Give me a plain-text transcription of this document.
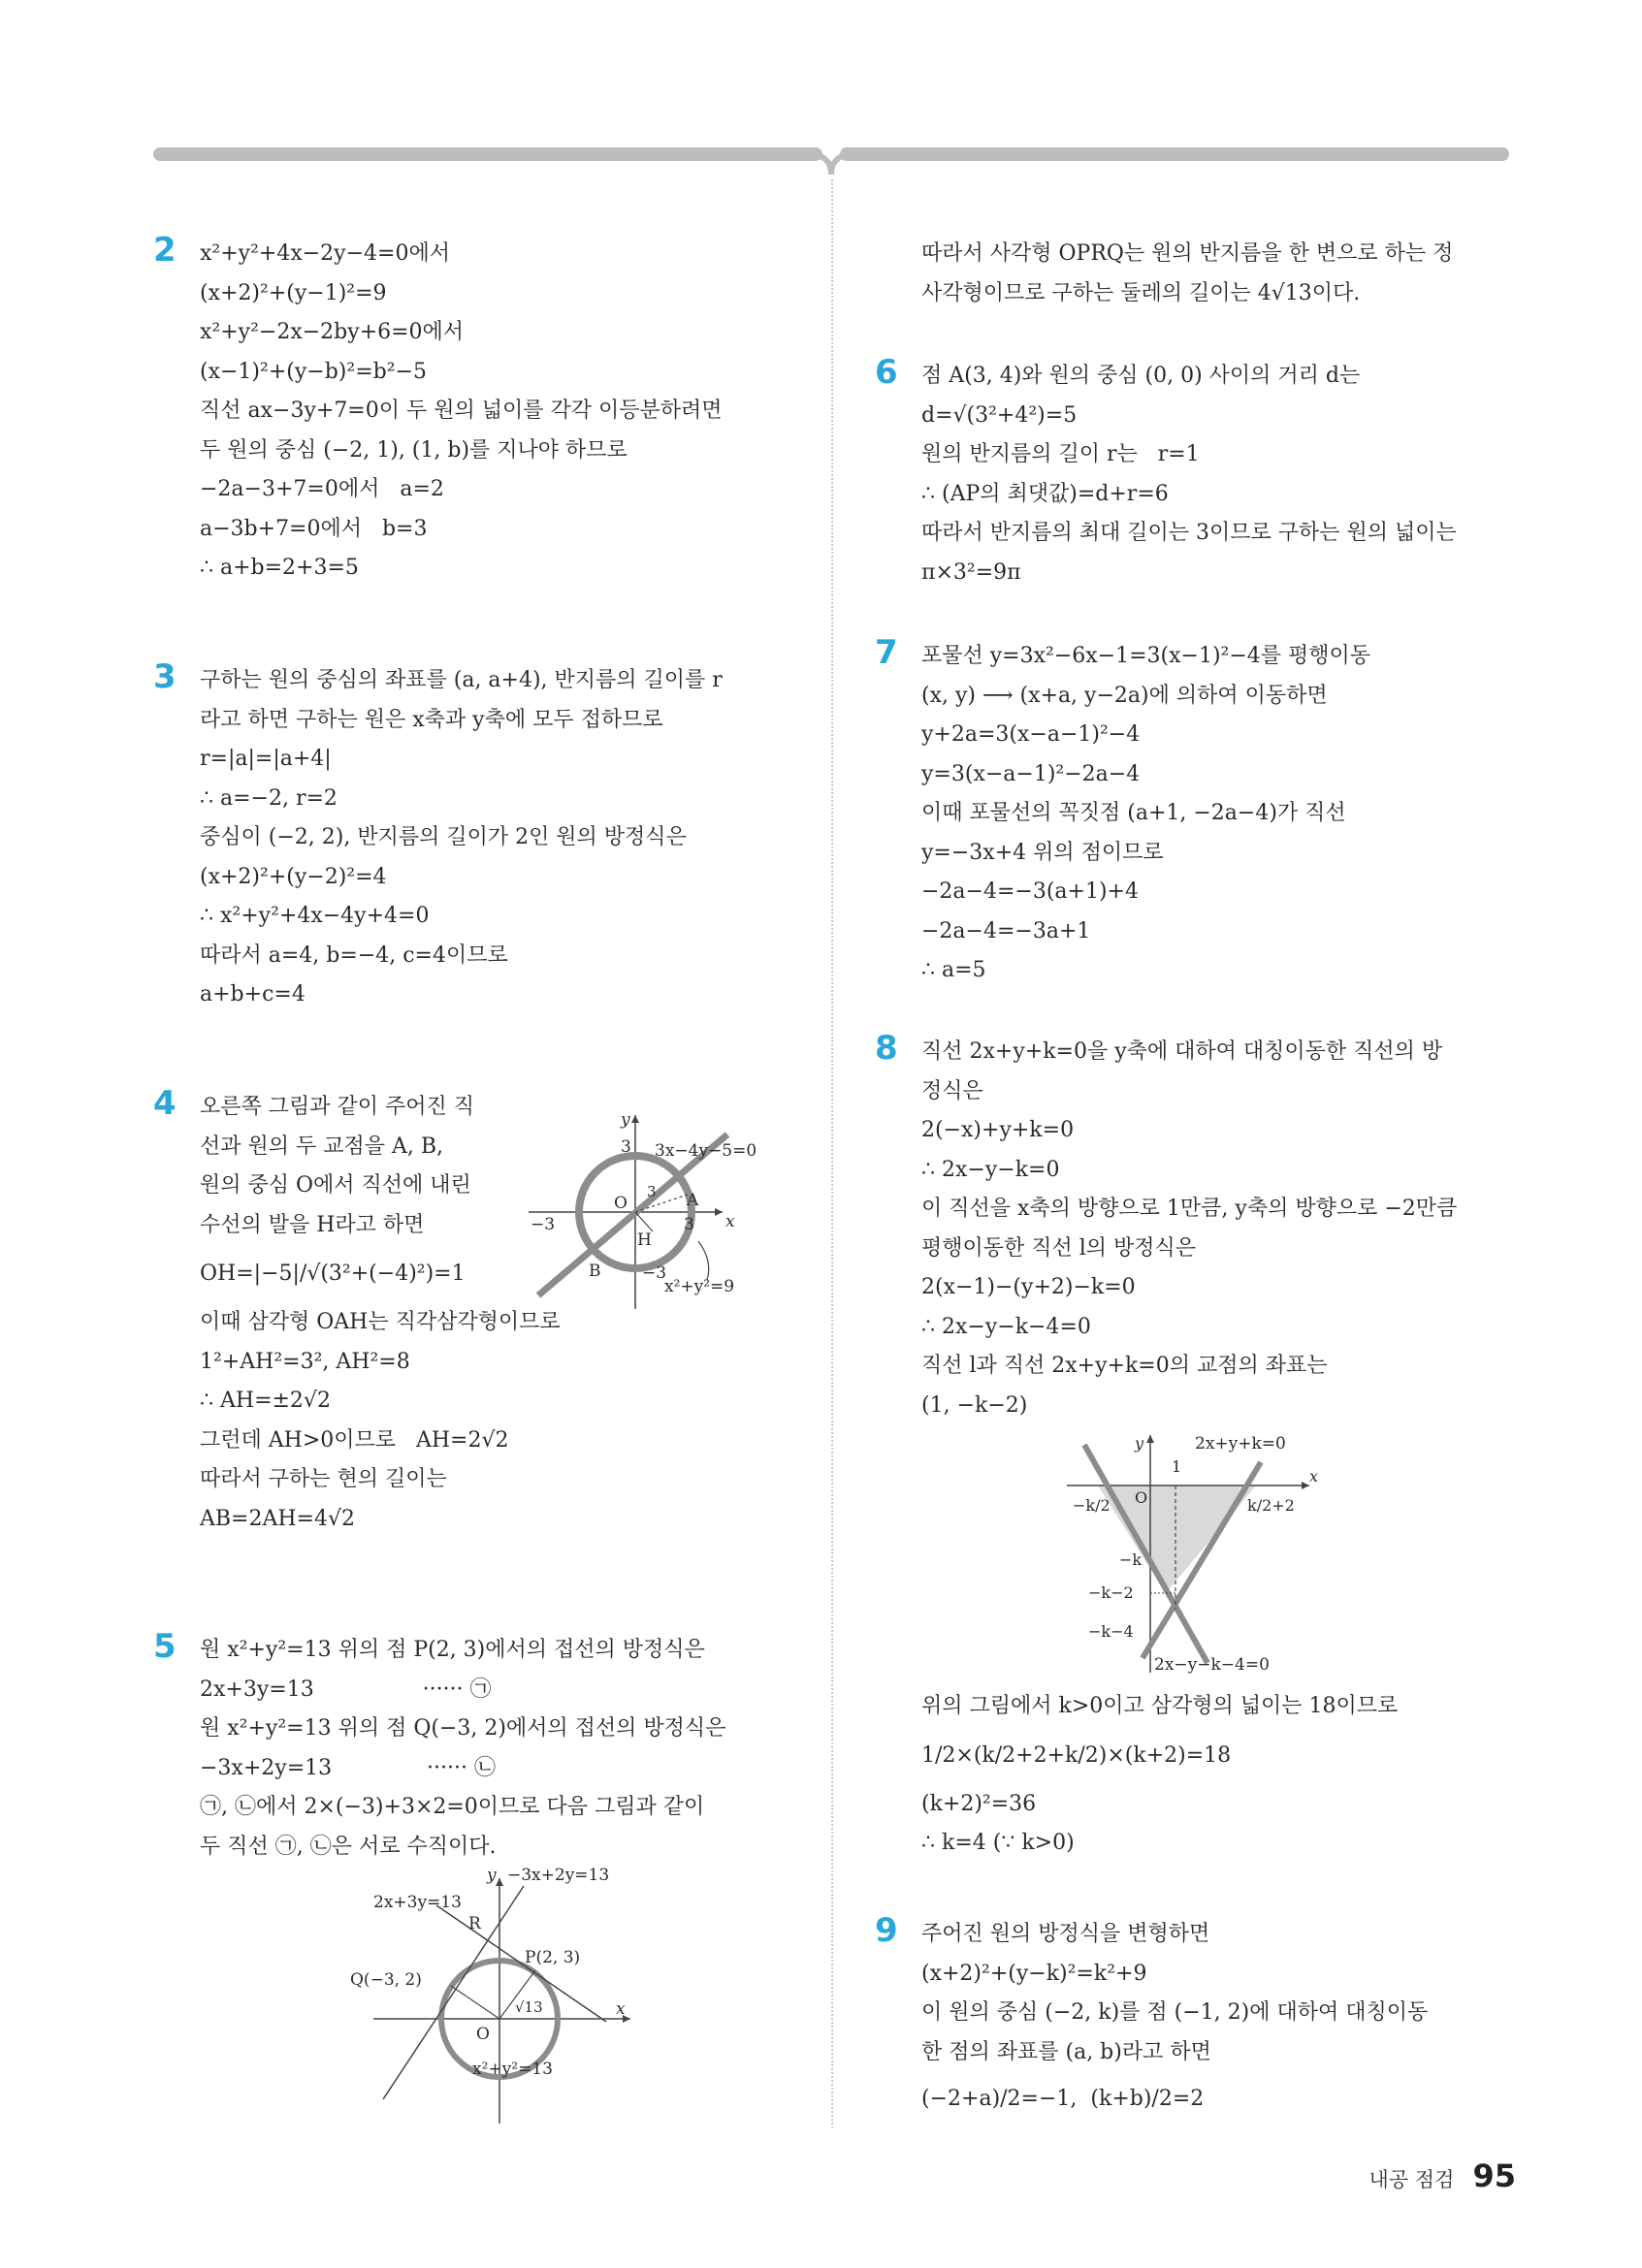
2 x²+y²+4x−2y−4=0에서
(x+2)²+(y−1)²=9
x²+y²−2x−2by+6=0에서
(x−1)²+(y−b)²=b²−5
직선 ax−3y+7=0이 두 원의 넓이를 각각 이등분하려면
두 원의 중심 (−2, 1), (1, b)를 지나야 하므로
−2a−3+7=0에서   a=2
a−3b+7=0에서   b=3
∴ a+b=2+3=5
3 구하는 원의 중심의 좌표를 (a, a+4), 반지름의 길이를 r
라고 하면 구하는 원은 x축과 y축에 모두 접하므로
r=|a|=|a+4|
∴ a=−2, r=2
중심이 (−2, 2), 반지름의 길이가 2인 원의 방정식은
(x+2)²+(y−2)²=4
∴ x²+y²+4x−4y+4=0
따라서 a=4, b=−4, c=4이므로
a+b+c=4
4 오른쪽 그림과 같이 주어진 직
선과 원의 두 교점을 A, B,
원의 중심 O에서 직선에 내린
수선의 발을 H라고 하면
OH=|−5|/√(3²+(−4)²)=1
이때 삼각형 OAH는 직각삼각형이므로
1²+AH²=3², AH²=8
∴ AH=±2√2
그런데 AH>0이므로   AH=2√2
따라서 구하는 현의 길이는
AB=2AH=4√2
y
x
3
−3	3
−3
3x−4y−5=0
x²+y²=9
O	A
B
H
3
5 원 x²+y²=13 위의 점 P(2, 3)에서의 접선의 방정식은
2x+3y=13                ······ ㉠
원 x²+y²=13 위의 점 Q(−3, 2)에서의 접선의 방정식은
−3x+2y=13              ······ ㉡
㉠, ㉡에서 2×(−3)+3×2=0이므로 다음 그림과 같이
두 직선 ㉠, ㉡은 서로 수직이다.
y
x
−3x+2y=13
2x+3y=13
x²+y²=13
R
P(2, 3)
Q(−3, 2)
O
√13
따라서 사각형 OPRQ는 원의 반지름을 한 변으로 하는 정
사각형이므로 구하는 둘레의 길이는 4√13이다.
6 점 A(3, 4)와 원의 중심 (0, 0) 사이의 거리 d는
d=√(3²+4²)=5
원의 반지름의 길이 r는   r=1
∴ (AP의 최댓값)=d+r=6
따라서 반지름의 최대 길이는 3이므로 구하는 원의 넓이는
π×3²=9π
7 포물선 y=3x²−6x−1=3(x−1)²−4를 평행이동
(x, y) ⟶ (x+a, y−2a)에 의하여 이동하면
y+2a=3(x−a−1)²−4
y=3(x−a−1)²−2a−4
이때 포물선의 꼭짓점 (a+1, −2a−4)가 직선
y=−3x+4 위의 점이므로
−2a−4=−3(a+1)+4
−2a−4=−3a+1
∴ a=5
8 직선 2x+y+k=0을 y축에 대하여 대칭이동한 직선의 방
정식은
2(−x)+y+k=0
∴ 2x−y−k=0
이 직선을 x축의 방향으로 1만큼, y축의 방향으로 −2만큼
평행이동한 직선 l의 방정식은
2(x−1)−(y+2)−k=0
∴ 2x−y−k−4=0
직선 l과 직선 2x+y+k=0의 교점의 좌표는
(1, −k−2)
y
x
2x+y+k=0
2x−y−k−4=0
1
O
−k/2	k/2+2
−k
−k−2
−k−4
위의 그림에서 k>0이고 삼각형의 넓이는 18이므로
1/2×(k/2+2+k/2)×(k+2)=18
(k+2)²=36
∴ k=4 (∵ k>0)
9 주어진 원의 방정식을 변형하면
(x+2)²+(y−k)²=k²+9
이 원의 중심 (−2, k)를 점 (−1, 2)에 대하여 대칭이동
한 점의 좌표를 (a, b)라고 하면
(−2+a)/2=−1,  (k+b)/2=2
내공 점검 95
